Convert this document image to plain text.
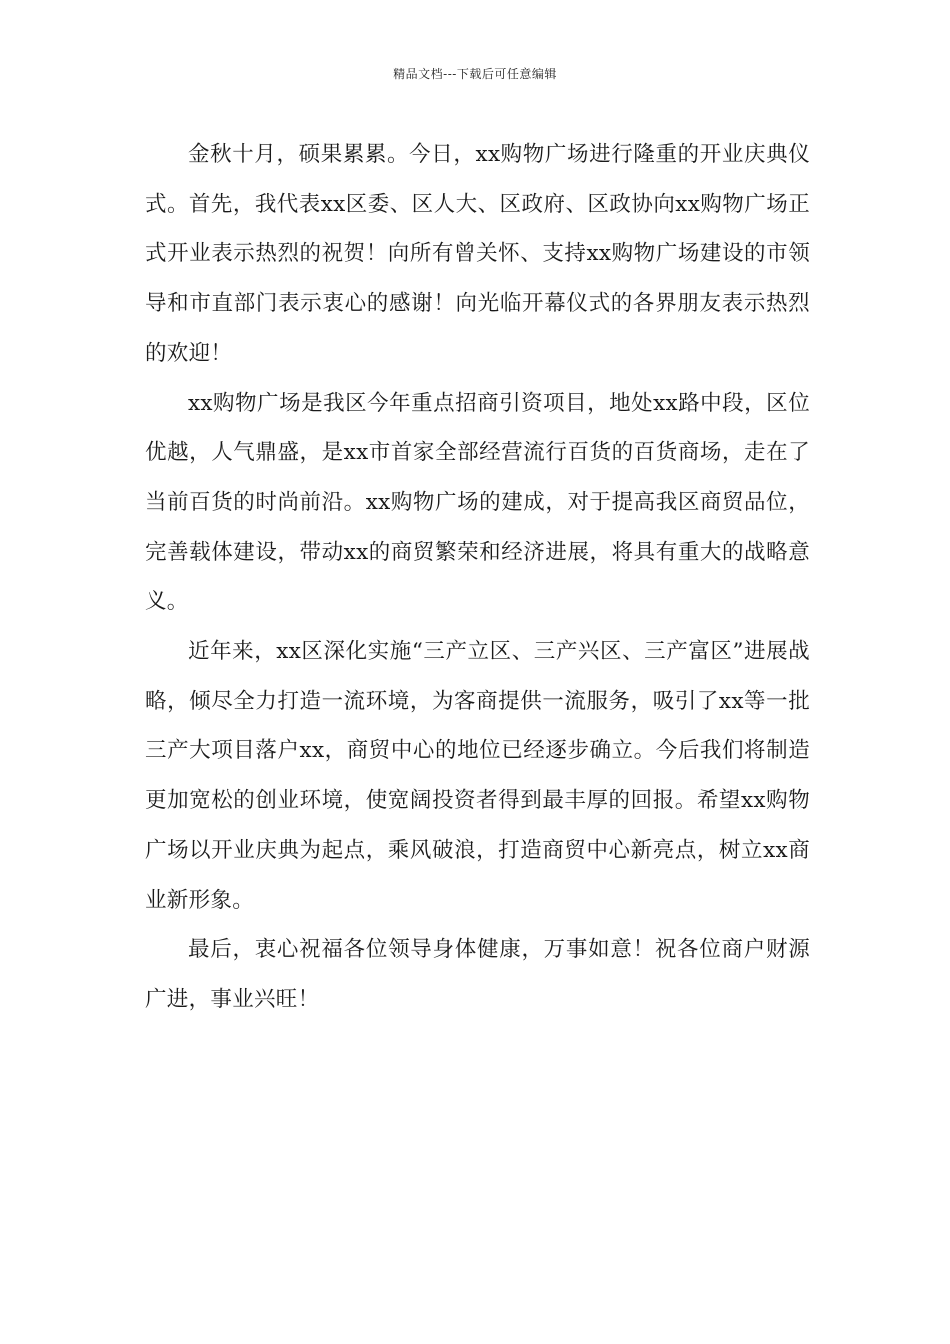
精品文档---下载后可任意编辑

金秋十月，硕果累累。今日，xx购物广场进行隆重的开业庆典仪式。首先，我代表xx区委、区人大、区政府、区政协向xx购物广场正式开业表示热烈的祝贺！向所有曾关怀、支持xx购物广场建设的市领导和市直部门表示衷心的感谢！向光临开幕仪式的各界朋友表示热烈的欢迎！

xx购物广场是我区今年重点招商引资项目，地处xx路中段，区位优越，人气鼎盛，是xx市首家全部经营流行百货的百货商场，走在了当前百货的时尚前沿。xx购物广场的建成，对于提高我区商贸品位，完善载体建设，带动xx的商贸繁荣和经济进展，将具有重大的战略意义。

近年来，xx区深化实施“三产立区、三产兴区、三产富区”进展战略，倾尽全力打造一流环境，为客商提供一流服务，吸引了xx等一批三产大项目落户xx，商贸中心的地位已经逐步确立。今后我们将制造更加宽松的创业环境，使宽阔投资者得到最丰厚的回报。希望xx购物广场以开业庆典为起点，乘风破浪，打造商贸中心新亮点，树立xx商业新形象。

最后，衷心祝福各位领导身体健康，万事如意！祝各位商户财源广进，事业兴旺！
